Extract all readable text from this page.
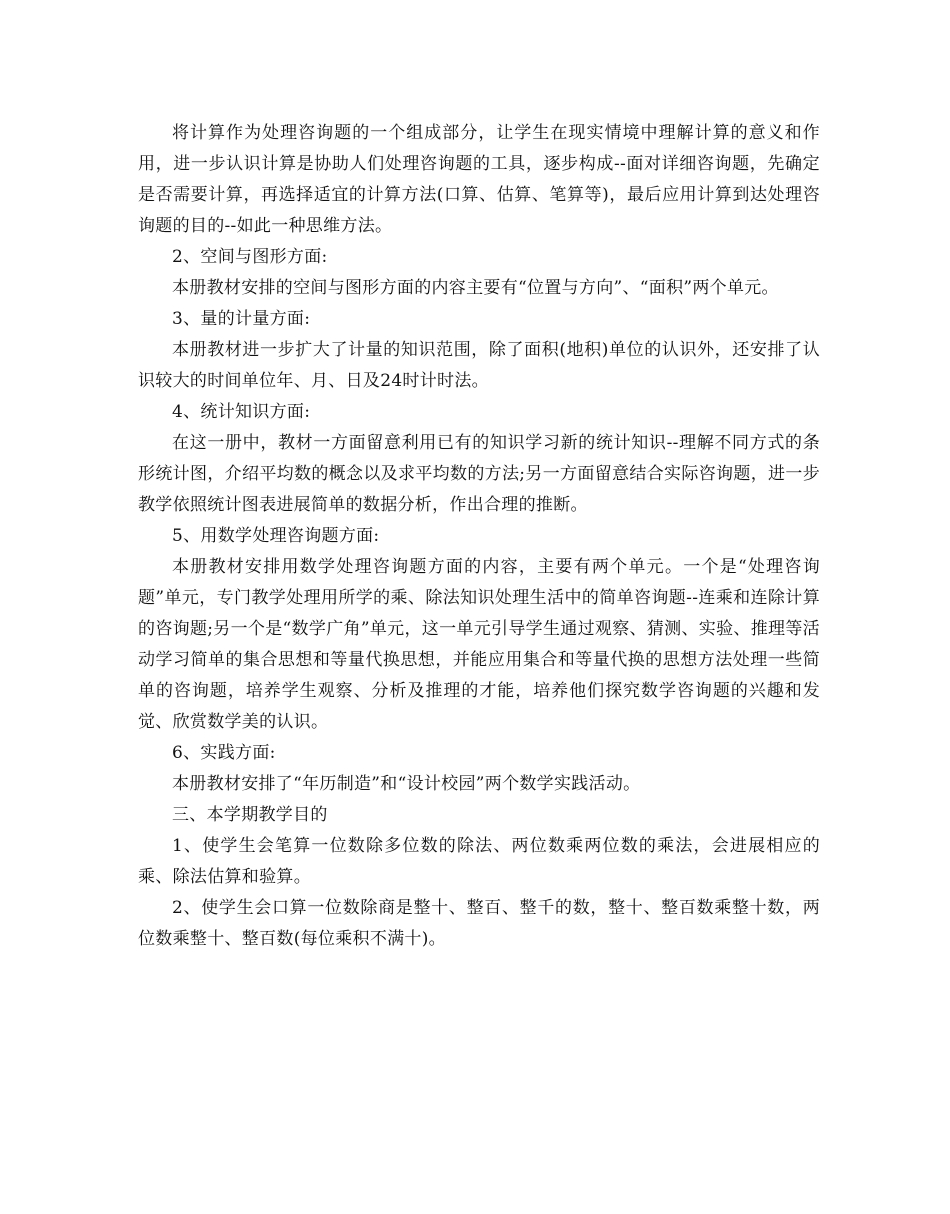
将计算作为处理咨询题的一个组成部分，让学生在现实情境中理解计算的意义和作用，进一步认识计算是协助人们处理咨询题的工具，逐步构成--面对详细咨询题，先确定是否需要计算，再选择适宜的计算方法(口算、估算、笔算等)，最后应用计算到达处理咨询题的目的--如此一种思维方法。

2、空间与图形方面:

本册教材安排的空间与图形方面的内容主要有“位置与方向”、“面积”两个单元。

3、量的计量方面:

本册教材进一步扩大了计量的知识范围，除了面积(地积)单位的认识外，还安排了认识较大的时间单位年、月、日及24时计时法。

4、统计知识方面:

在这一册中，教材一方面留意利用已有的知识学习新的统计知识--理解不同方式的条形统计图，介绍平均数的概念以及求平均数的方法;另一方面留意结合实际咨询题，进一步教学依照统计图表进展简单的数据分析，作出合理的推断。

5、用数学处理咨询题方面:

本册教材安排用数学处理咨询题方面的内容，主要有两个单元。一个是“处理咨询题”单元，专门教学处理用所学的乘、除法知识处理生活中的简单咨询题--连乘和连除计算的咨询题;另一个是“数学广角”单元，这一单元引导学生通过观察、猜测、实验、推理等活动学习简单的集合思想和等量代换思想，并能应用集合和等量代换的思想方法处理一些简单的咨询题，培养学生观察、分析及推理的才能，培养他们探究数学咨询题的兴趣和发觉、欣赏数学美的认识。

6、实践方面:

本册教材安排了“年历制造”和“设计校园”两个数学实践活动。

三、本学期教学目的

1、使学生会笔算一位数除多位数的除法、两位数乘两位数的乘法，会进展相应的乘、除法估算和验算。

2、使学生会口算一位数除商是整十、整百、整千的数，整十、整百数乘整十数，两位数乘整十、整百数(每位乘积不满十)。
